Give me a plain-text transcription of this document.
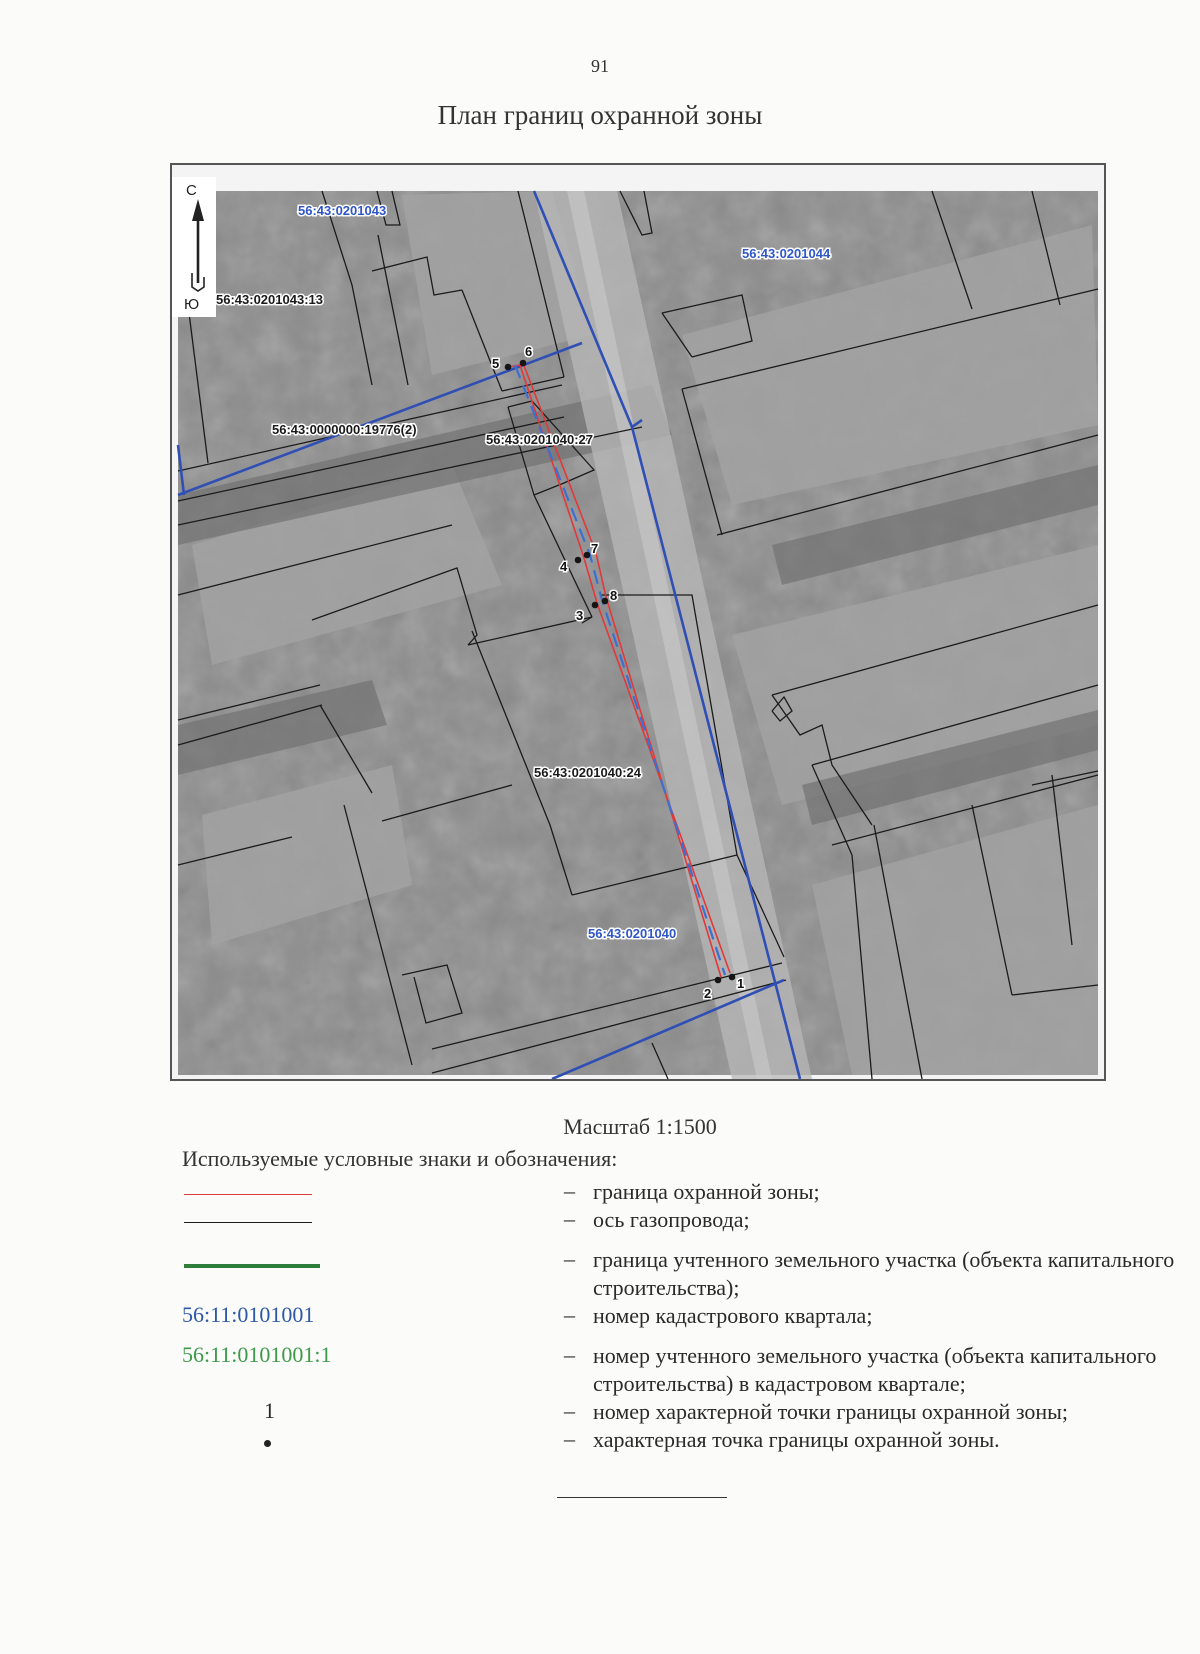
91
План границ охранной зоны
1
2
3
4
5
6
7
8
56:43:0201043
56:43:0201044
56:43:0201040
56:43:0201043:13
56:43:0000000:19776(2)
56:43:0201040:27
56:43:0201040:24
С
Ю
Масштаб 1:1500
Используемые условные знаки и обозначения:
– граница охранной зоны;
– ось газопровода;
– граница учтенного земельного участка (объекта капитального строительства);
56:11:0101001	– номер кадастрового квартала;
56:11:0101001:1	– номер учтенного земельного участка (объекта капитального строительства) в кадастровом квартале;
1	– номер характерной точки границы охранной зоны;
– характерная точка границы охранной зоны.
